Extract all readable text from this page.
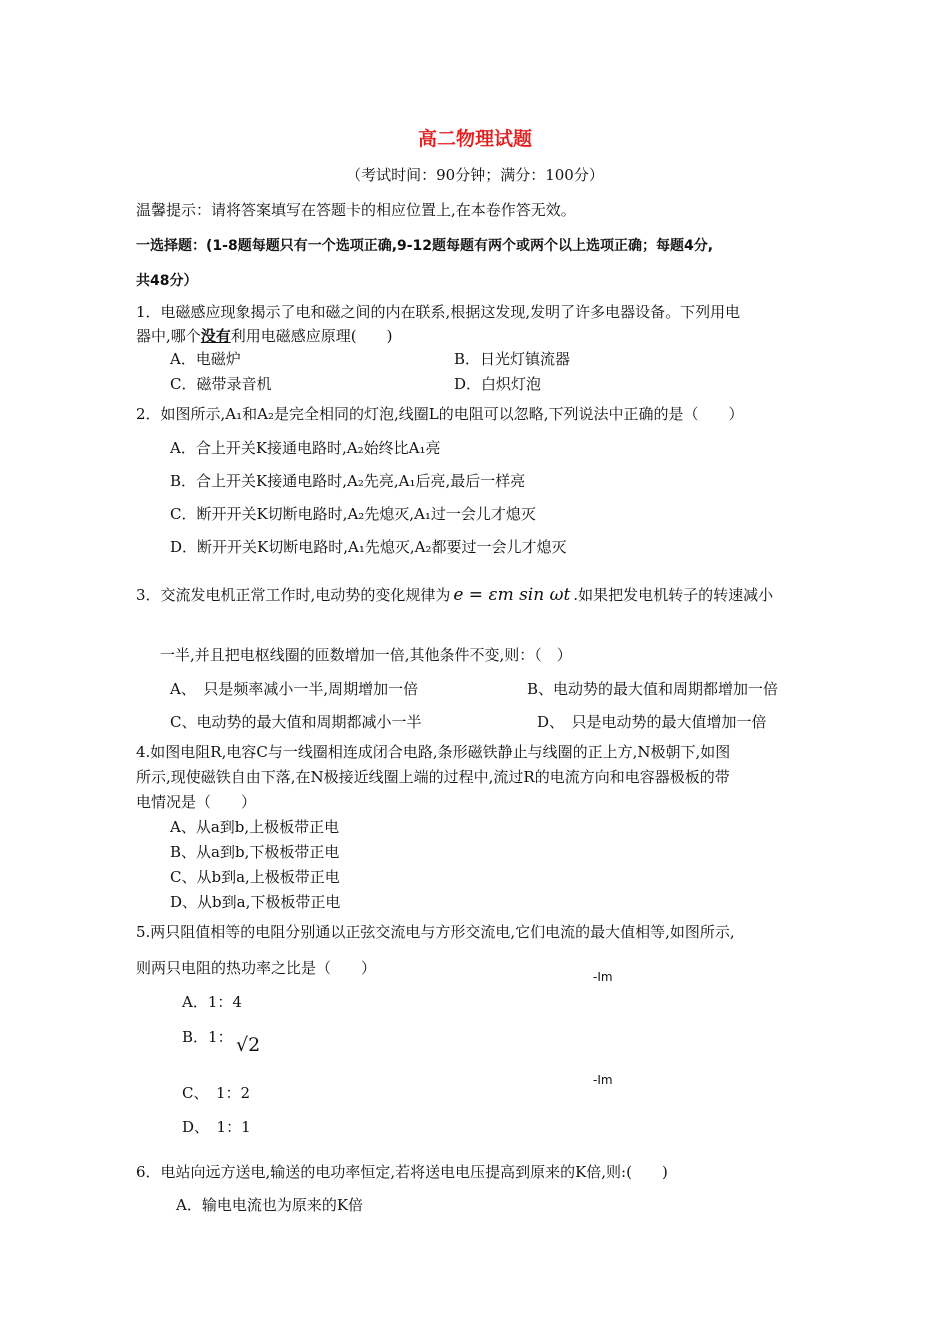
高二物理试题
（考试时间：90分钟；满分：100分）
温馨提示：请将答案填写在答题卡的相应位置上,在本卷作答无效。
一选择题：(1-8题每题只有一个选项正确,9-12题每题有两个或两个以上选项正确；每题4分,
共48分）
1．电磁感应现象揭示了电和磁之间的内在联系,根据这发现,发明了许多电器设备。下列用电
器中,哪个没有利用电磁感应原理(　　)
A．电磁炉	B．日光灯镇流器
C．磁带录音机	D．白炽灯泡
2．如图所示,A₁和A₂是完全相同的灯泡,线圈L的电阻可以忽略,下列说法中正确的是（　　）
A．合上开关K接通电路时,A₂始终比A₁亮
B．合上开关K接通电路时,A₂先亮,A₁后亮,最后一样亮
C．断开开关K切断电路时,A₂先熄灭,A₁过一会儿才熄灭
D．断开开关K切断电路时,A₁先熄灭,A₂都要过一会儿才熄灭
3．交流发电机正常工作时,电动势的变化规律为 e = εm sin ωt .如果把发电机转子的转速减小
一半,并且把电枢线圈的匝数增加一倍,其他条件不变,则：（　）
A、　只是频率减小一半,周期增加一倍	B、电动势的最大值和周期都增加一倍
C、电动势的最大值和周期都减小一半	D、　只是电动势的最大值增加一倍
4.如图电阻R,电容C与一线圈相连成闭合电路,条形磁铁静止与线圈的正上方,N极朝下,如图
所示,现使磁铁自由下落,在N极接近线圈上端的过程中,流过R的电流方向和电容器极板的带
电情况是（　　）
A、从a到b,上极板带正电
B、从a到b,下极板带正电
C、从b到a,上极板带正电
D、从b到a,下极板带正电
5.两只阻值相等的电阻分别通以正弦交流电与方形交流电,它们电流的最大值相等,如图所示,
则两只电阻的热功率之比是（　　）	-Im
-Im
A．1：4
B．1： √2
C、　1：2
D、　1：1
6．电站向远方送电,输送的电功率恒定,若将送电电压提高到原来的K倍,则:(　　)
A．输电电流也为原来的K倍
